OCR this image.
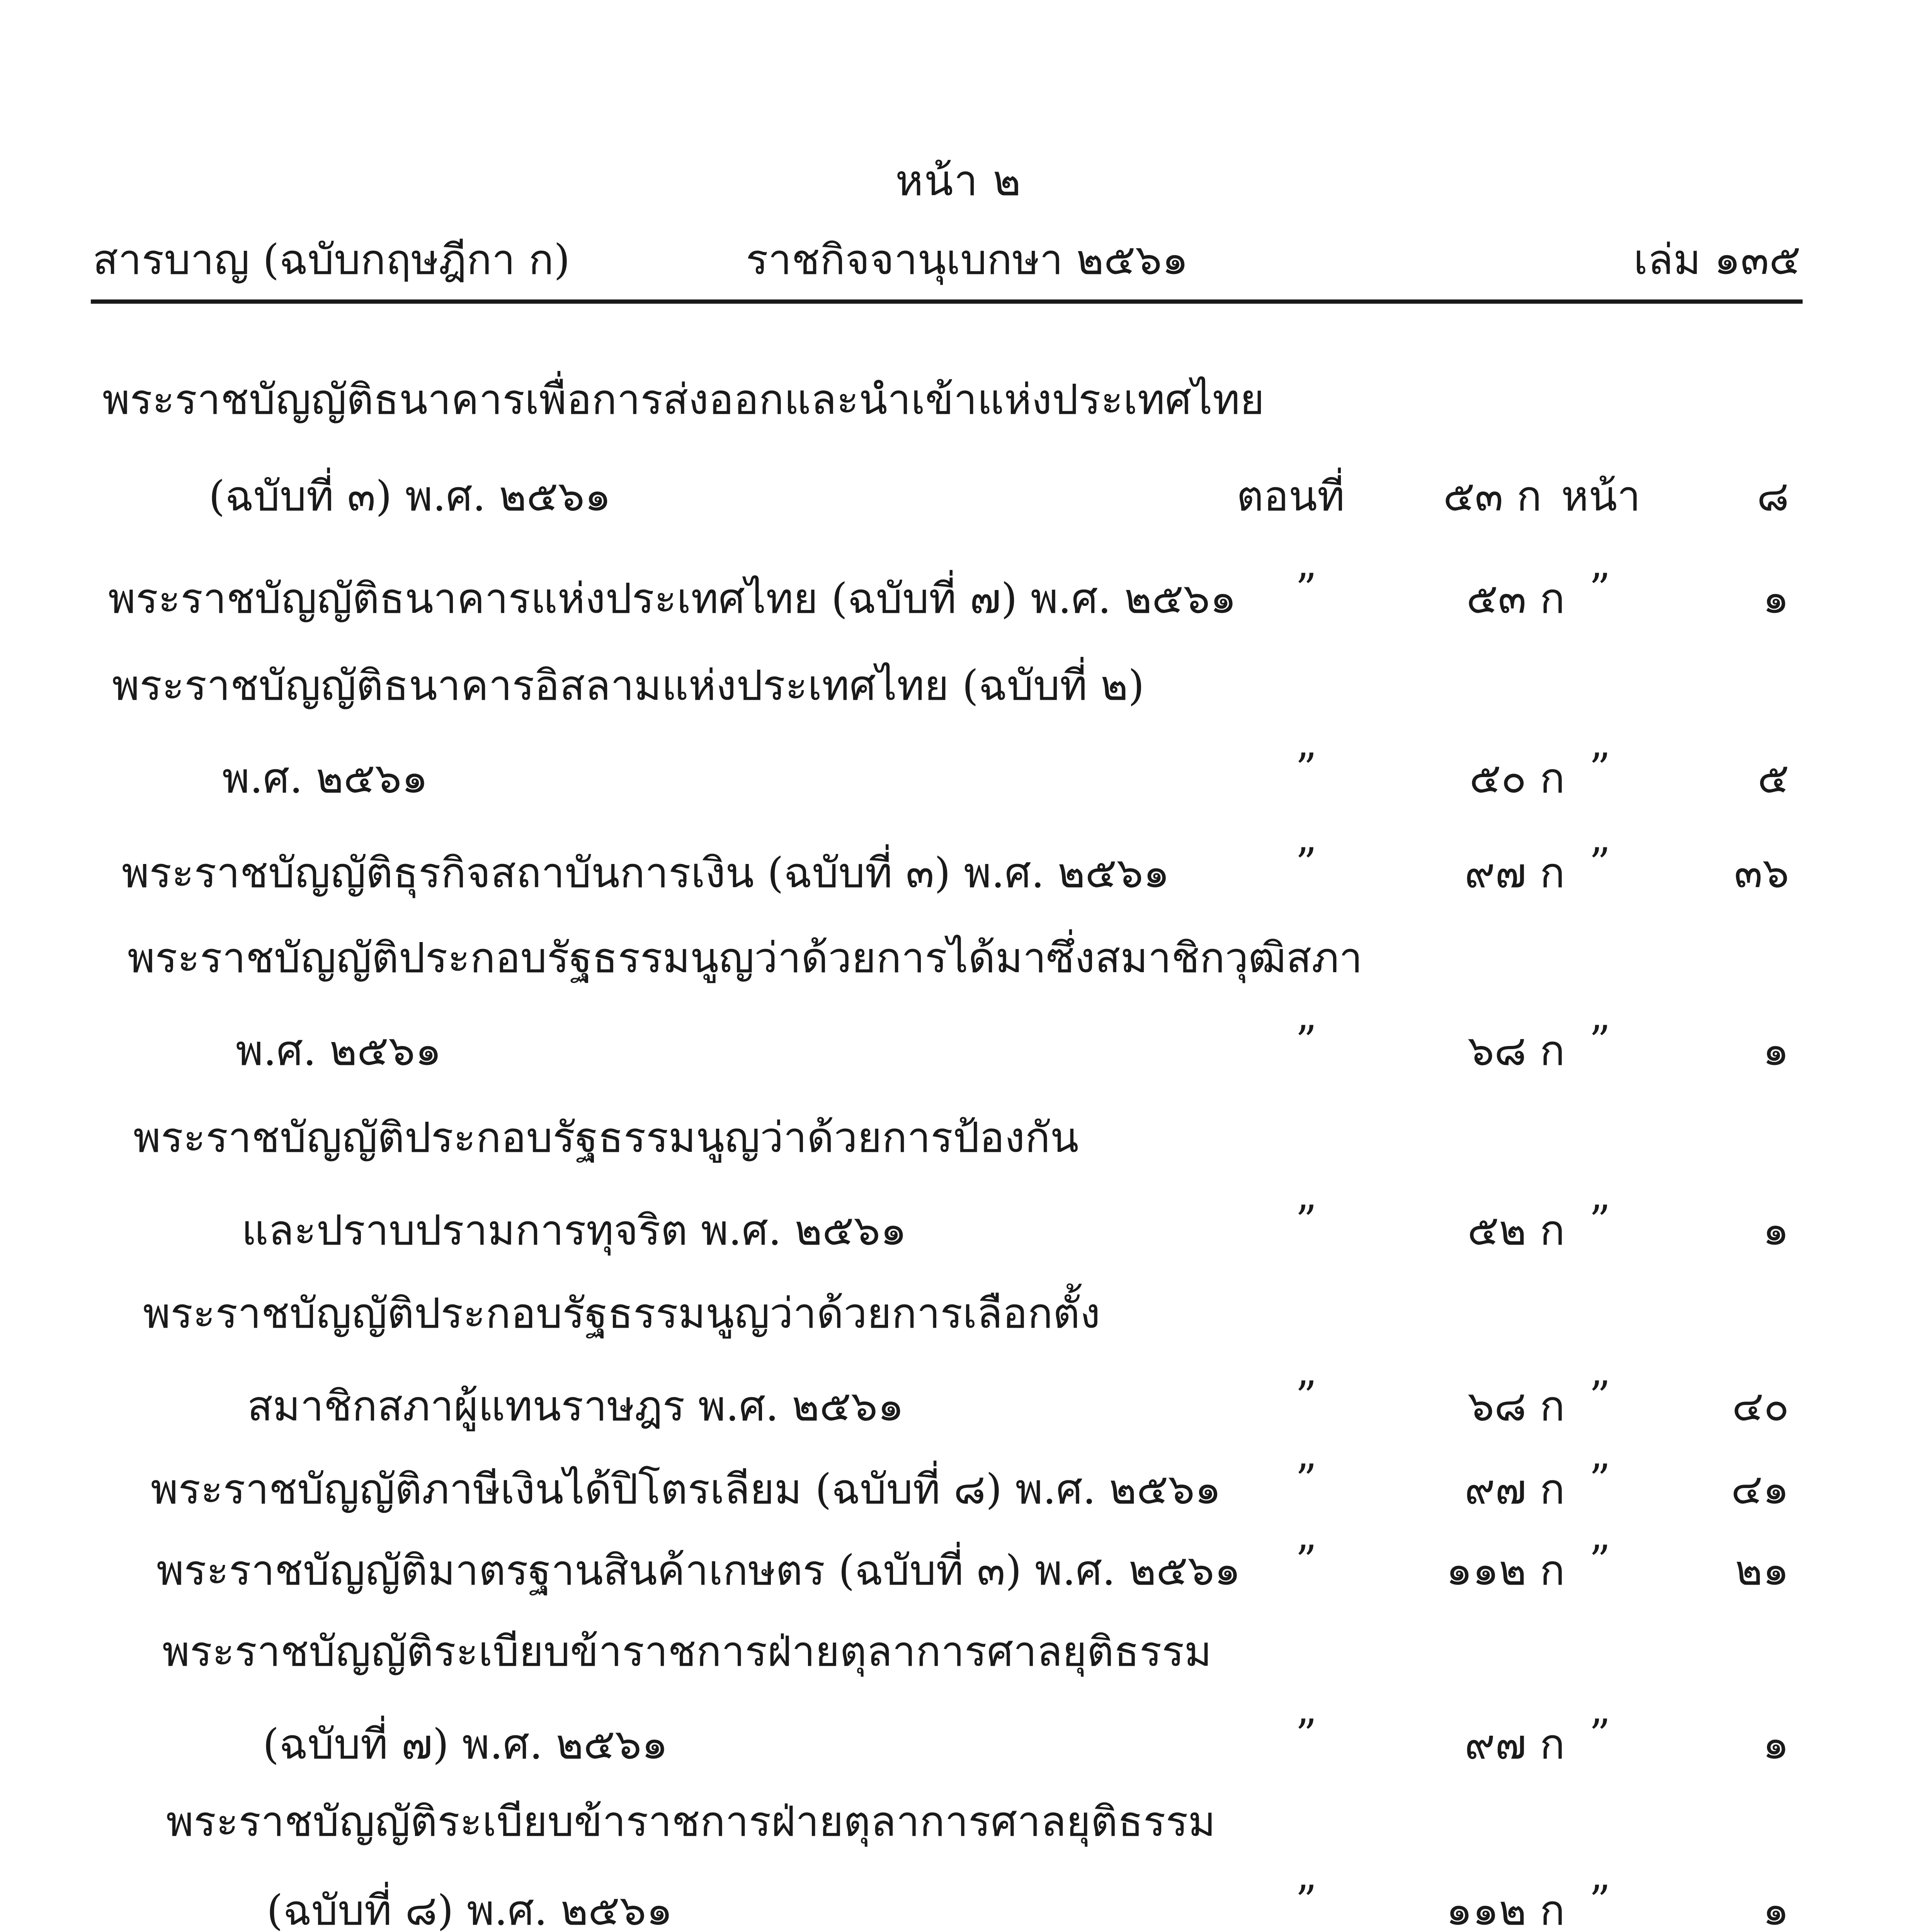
หน้า ๒
สารบาญ (ฉบับกฤษฎีกา ก)	ราชกิจจานุเบกษา ๒๕๖๑	เล่ม ๑๓๕
พระราชบัญญัติธนาคารเพื่อการส่งออกและนำเข้าแห่งประเทศไทย
(ฉบับที่ ๓) พ.ศ. ๒๕๖๑	ตอนที่	๕๓ ก หน้า	๘
พระราชบัญญัติธนาคารแห่งประเทศไทย (ฉบับที่ ๗) พ.ศ. ๒๕๖๑ ”	๕๓ ก ”	๑
พระราชบัญญัติธนาคารอิสลามแห่งประเทศไทย (ฉบับที่ ๒)
พ.ศ. ๒๕๖๑	”	๕๐ ก ”	๕
พระราชบัญญัติธุรกิจสถาบันการเงิน (ฉบับที่ ๓) พ.ศ. ๒๕๖๑	”	๙๗ ก ”	๓๖
พระราชบัญญัติประกอบรัฐธรรมนูญว่าด้วยการได้มาซึ่งสมาชิกวุฒิสภา
พ.ศ. ๒๕๖๑	”	๖๘ ก ”	๑
พระราชบัญญัติประกอบรัฐธรรมนูญว่าด้วยการป้องกัน
และปราบปรามการทุจริต พ.ศ. ๒๕๖๑	”	๕๒ ก ”	๑
พระราชบัญญัติประกอบรัฐธรรมนูญว่าด้วยการเลือกตั้ง
สมาชิกสภาผู้แทนราษฎร พ.ศ. ๒๕๖๑	”	๖๘ ก ”	๔๐
พระราชบัญญัติภาษีเงินได้ปิโตรเลียม (ฉบับที่ ๘) พ.ศ. ๒๕๖๑ ”	๙๗ ก ”	๔๑
พระราชบัญญัติมาตรฐานสินค้าเกษตร (ฉบับที่ ๓) พ.ศ. ๒๕๖๑ ”	๑๑๒ ก ”	๒๑
พระราชบัญญัติระเบียบข้าราชการฝ่ายตุลาการศาลยุติธรรม
(ฉบับที่ ๗) พ.ศ. ๒๕๖๑	”	๙๗ ก ”	๑
พระราชบัญญัติระเบียบข้าราชการฝ่ายตุลาการศาลยุติธรรม
(ฉบับที่ ๘) พ.ศ. ๒๕๖๑	”	๑๑๒ ก ”	๑
